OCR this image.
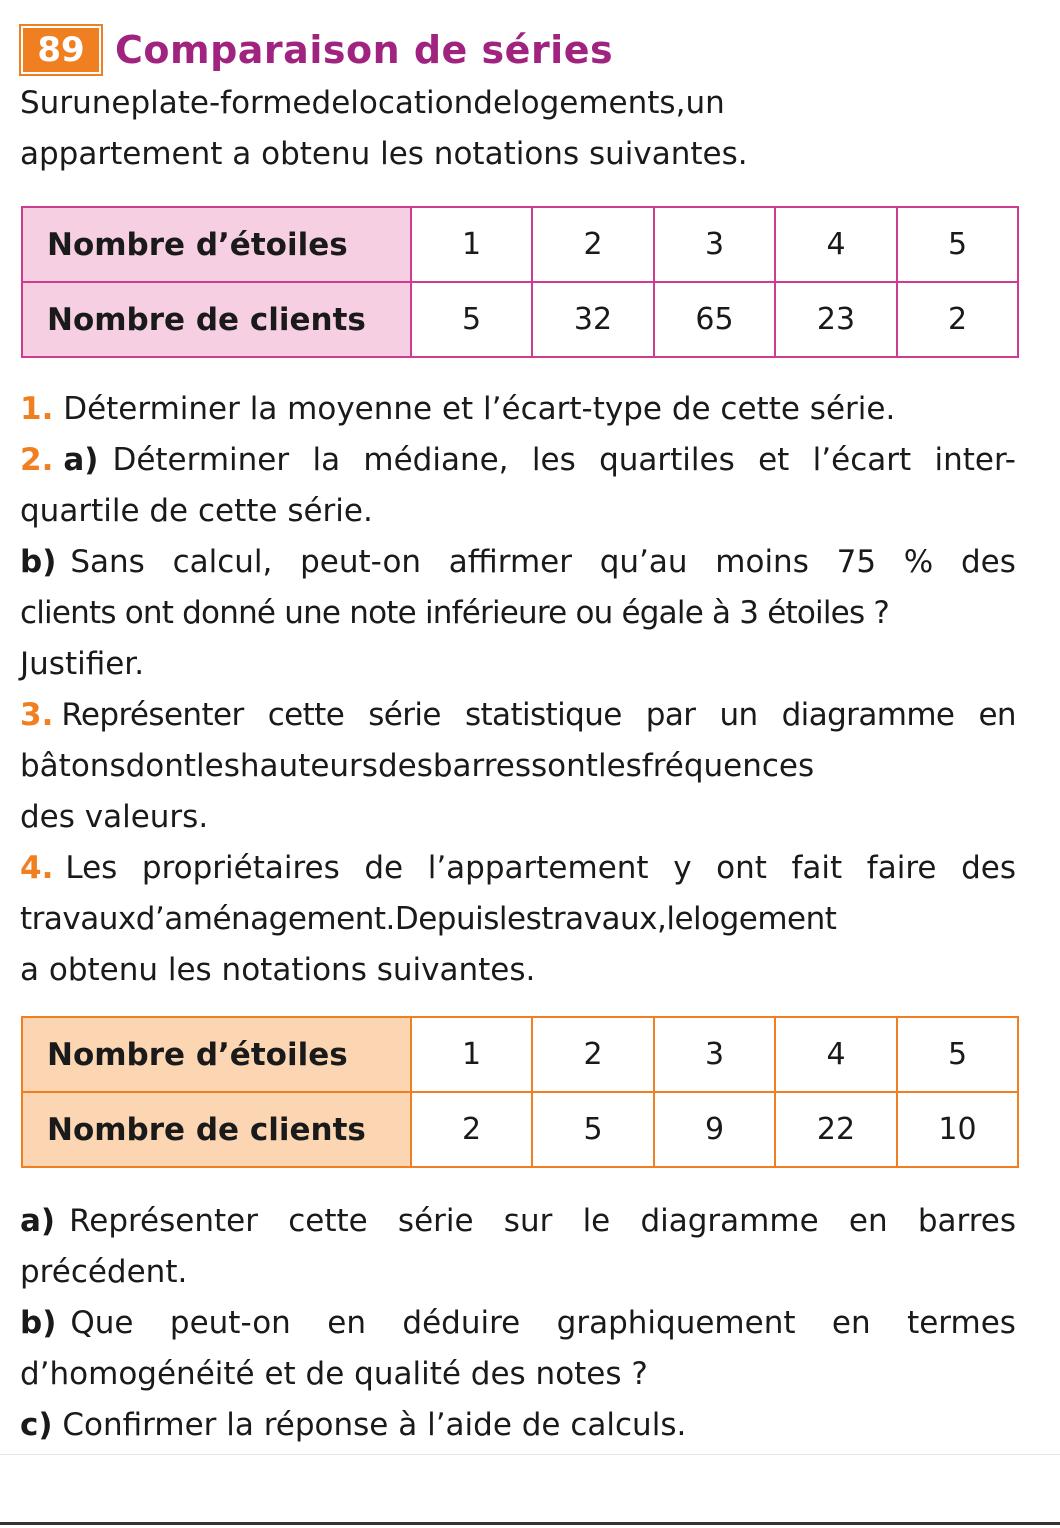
89 Comparaison de séries
Suruneplate-formedelocationdelogements,un
appartement a obtenu les notations suivantes.
Nombre d’étoiles	1	2	3	4	5
Nombre de clients	5	32	65	23	2
1. Déterminer la moyenne et l’écart-type de cette série.
2. a) Déterminer la médiane, les quartiles et l’écart inter-
quartile de cette série.
b) Sans calcul, peut-on affirmer qu’au moins 75 % des
clients ont donné une note inférieure ou égale à 3 étoiles ?
Justifier.
3. Représenter cette série statistique par un diagramme en
bâtonsdontleshauteursdesbarressontlesfréquences
des valeurs.
4. Les propriétaires de l’appartement y ont fait faire des
travauxd’aménagement.Depuislestravaux,lelogement
a obtenu les notations suivantes.
Nombre d’étoiles	1	2	3	4	5
Nombre de clients	2	5	9	22	10
a) Représenter cette série sur le diagramme en barres
précédent.
b) Que peut-on en déduire graphiquement en termes
d’homogénéité et de qualité des notes ?
c) Confirmer la réponse à l’aide de calculs.
